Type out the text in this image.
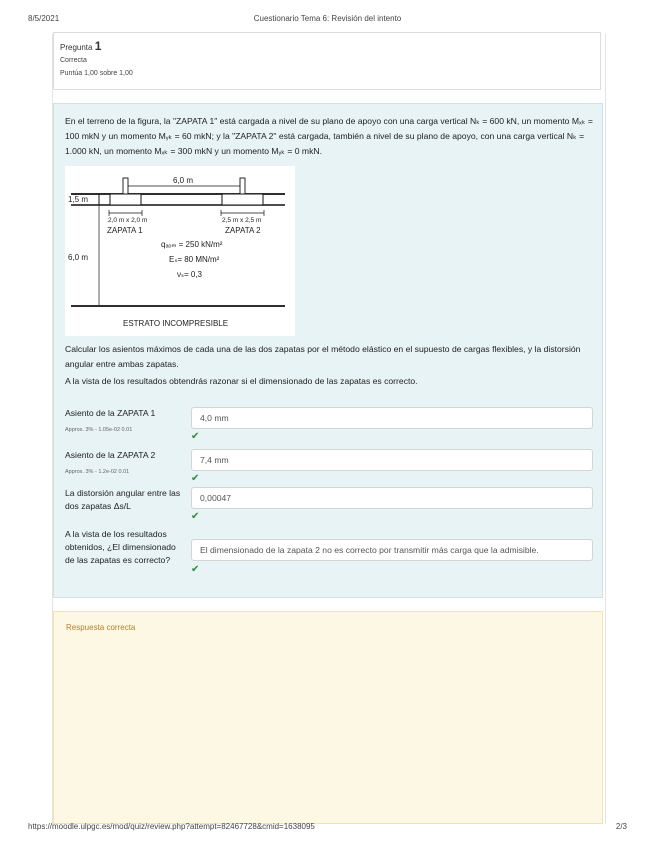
8/5/2021	Cuestionario Tema 6: Revisión del intento
Pregunta 1
Correcta
Puntúa 1,00 sobre 1,00
En el terreno de la figura, la "ZAPATA 1" está cargada a nivel de su plano de apoyo con una carga vertical Nₖ = 600 kN, un momento Mₓₖ = 100 mkN y un momento Mᵧₖ = 60 mkN; y la "ZAPATA 2" está cargada, también a nivel de su plano de apoyo, con una carga vertical Nₖ = 1.000 kN, un momento Mₓₖ = 300 mkN y un momento Mᵧₖ = 0 mkN.
6,0 m
1,5 m
6,0 m
2,0 m x 2,0 m
ZAPATA 1
2,5 m x 2,5 m
ZAPATA 2
qₐₒₘ = 250 kN/m²
Eₛ= 80 MN/m²
νₛ= 0,3
ESTRATO INCOMPRESIBLE
Calcular los asientos máximos de cada una de las dos zapatas por el método elástico en el supuesto de cargas flexibles, y la distorsión angular entre ambas zapatas.
A la vista de los resultados obtendrás razonar si el dimensionado de las zapatas es correcto.
Asiento de la ZAPATA 1
Approx. 3% - 1.05e-02 0.01
4,0 mm
✔
Asiento de la ZAPATA 2
Approx. 3% - 1.2e-02 0.01
7,4 mm
✔
La distorsión angular entre las dos zapatas Δs/L
0,00047
✔
A la vista de los resultados obtenidos, ¿El dimensionado de las zapatas es correcto?
El dimensionado de la zapata 2 no es correcto por transmitir más carga que la admisible.
✔
Respuesta correcta
https://moodle.ulpgc.es/mod/quiz/review.php?attempt=82467728&cmid=1638095	2/3
